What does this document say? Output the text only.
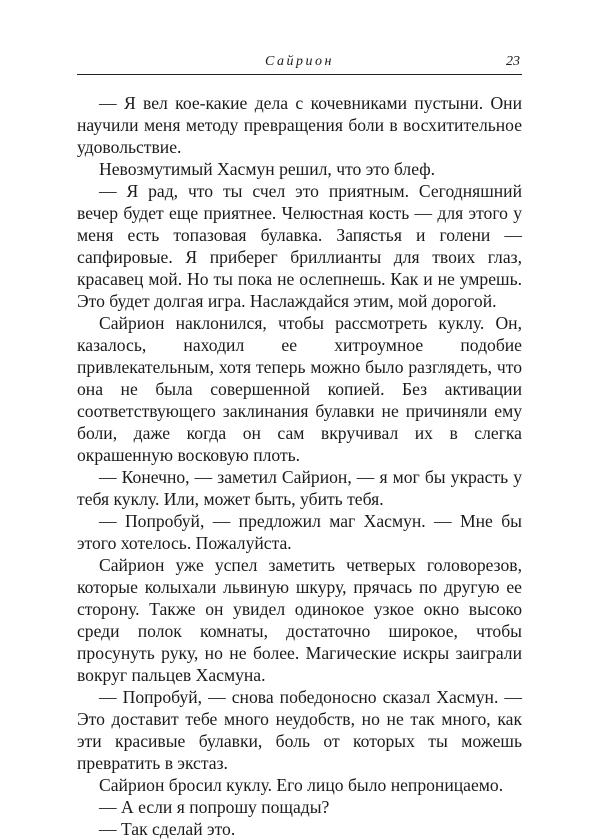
Сайрион	23

— Я вел кое-какие дела с кочевниками пустыни. Они научили меня методу превращения боли в восхитительное удовольствие.

Невозмутимый Хасмун решил, что это блеф.

— Я рад, что ты счел это приятным. Сегодняшний вечер будет еще приятнее. Челюстная кость — для этого у меня есть топазовая булавка. Запястья и голени — сапфировые. Я приберег бриллианты для твоих глаз, красавец мой. Но ты пока не ослепнешь. Как и не умрешь. Это будет долгая игра. Наслаждайся этим, мой дорогой.

Сайрион наклонился, чтобы рассмотреть куклу. Он, казалось, находил ее хитроумное подобие привлекательным, хотя теперь можно было разглядеть, что она не была совершенной копией. Без активации соответствующего заклинания булавки не причиняли ему боли, даже когда он сам вкручивал их в слегка окрашенную восковую плоть.

— Конечно, — заметил Сайрион, — я мог бы украсть у тебя куклу. Или, может быть, убить тебя.

— Попробуй, — предложил маг Хасмун. — Мне бы этого хотелось. Пожалуйста.

Сайрион уже успел заметить четверых головорезов, которые колыхали львиную шкуру, прячась по другую ее сторону. Также он увидел одинокое узкое окно высоко среди полок комнаты, достаточно широкое, чтобы просунуть руку, но не более. Магические искры заиграли вокруг пальцев Хасмуна.

— Попробуй, — снова победоносно сказал Хасмун. — Это доставит тебе много неудобств, но не так много, как эти красивые булавки, боль от которых ты можешь превратить в экстаз.

Сайрион бросил куклу. Его лицо было непроницаемо.

— А если я попрошу пощады?

— Так сделай это.
